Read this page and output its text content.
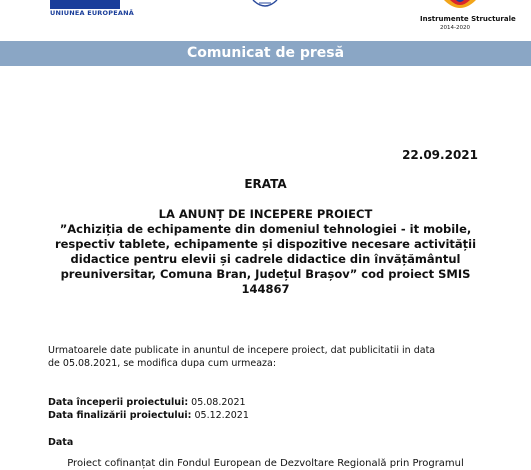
UNIUNEA EUROPEANĂ
Instrumente Structurale
2014-2020
Comunicat de presă
22.09.2021
ERATA

LA ANUNȚ DE INCEPERE PROIECT
”Achiziția de echipamente din domeniul tehnologiei - it mobile,
respectiv tablete, echipamente și dispozitive necesare activității
didactice pentru elevii și cadrele didactice din învățământul
preuniversitar, Comuna Bran, Județul Brașov” cod proiect SMIS
144867

Urmatoarele date publicate in anuntul de incepere proiect, dat publicitatii in data
de 05.08.2021, se modifica dupa cum urmeaza:

Data începerii proiectului: 05.08.2021
Data finalizării proiectului: 05.12.2021
Data
Proiect cofinanțat din Fondul European de Dezvoltare Regională prin Programul
